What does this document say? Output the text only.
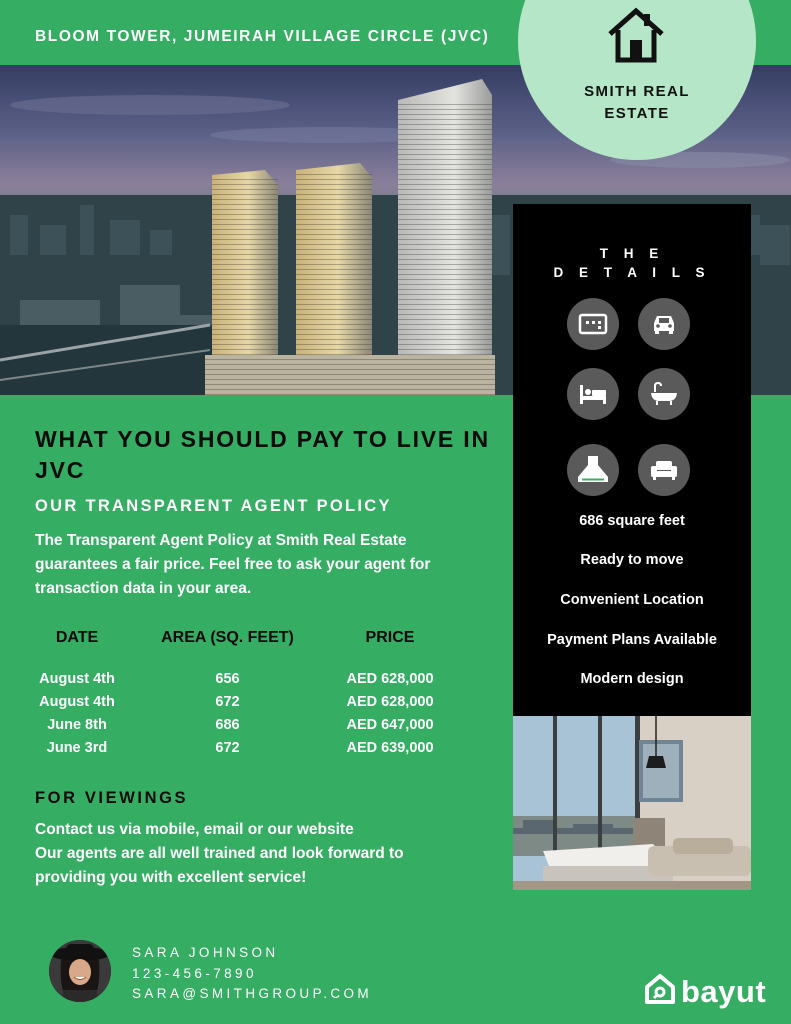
BLOOM TOWER, JUMEIRAH VILLAGE CIRCLE (JVC)
SMITH REAL ESTATE
T H E
D E T A I L S
686 square feet
Ready to move
Convenient Location
Payment Plans Available
Modern design
WHAT YOU SHOULD PAY TO LIVE IN JVC
OUR TRANSPARENT AGENT POLICY

The Transparent Agent Policy at Smith Real Estate guarantees a fair price. Feel free to ask your agent for transaction data in your area.

DATE	AREA (SQ. FEET)	PRICE
August 4th	656	AED 628,000
August 4th	672	AED 628,000
June 8th	686	AED 647,000
June 3rd	672	AED 639,000
FOR VIEWINGS
Contact us via mobile, email or our website
Our agents are all well trained and look forward to
providing you with excellent service!
SARA JOHNSON
123-456-7890
SARA@SMITHGROUP.COM	bayut
